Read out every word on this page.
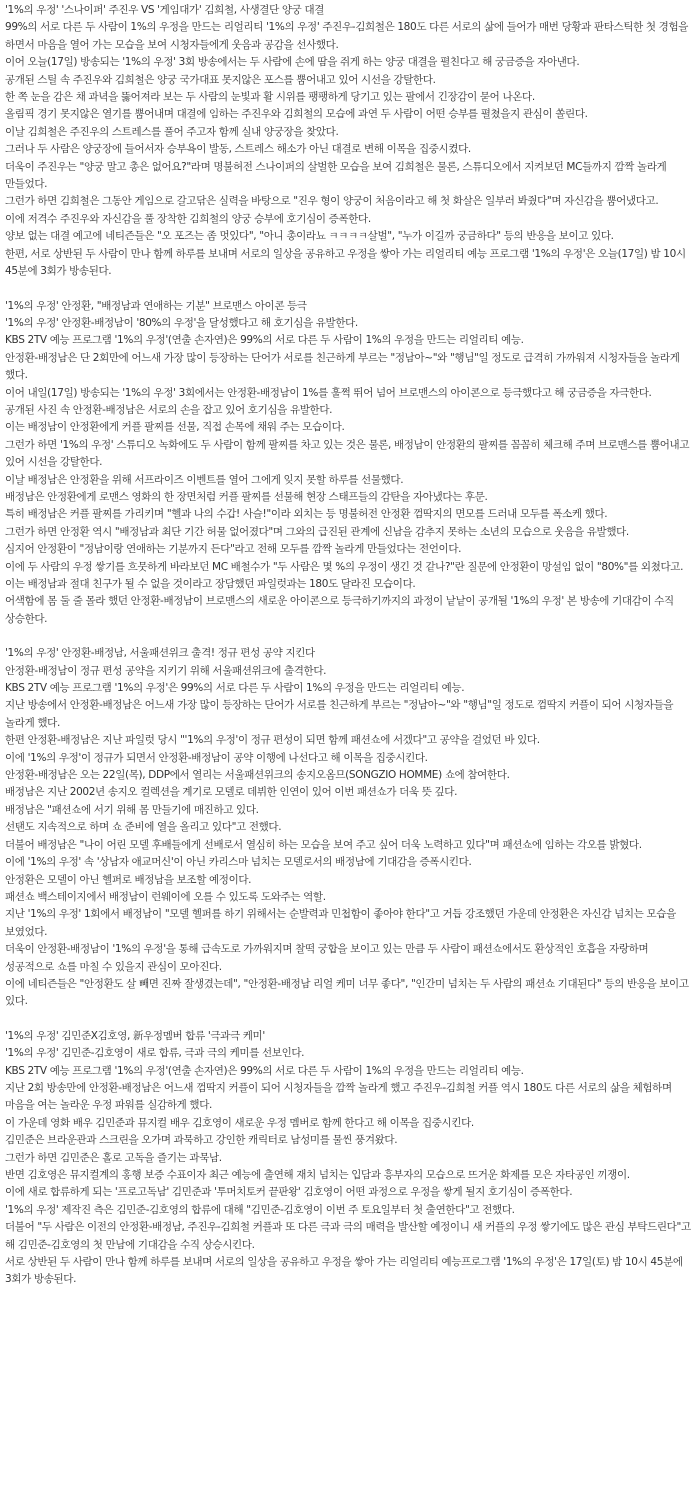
'1%의 우정' '스나이퍼' 주진우 VS '게임대가' 김희철, 사생결단 양궁 대결

99%의 서로 다른 두 사람이 1%의 우정을 만드는 리얼리티 '1%의 우정' 주진우-김희철은 180도 다른 서로의 삶에 들어가 매번 당황과 판타스틱한 첫 경험을 하면서 마음을 열어 가는 모습을 보여 시청자들에게 웃음과 공감을 선사했다.

이어 오늘(17일) 방송되는 '1%의 우정' 3회 방송에서는 두 사람에 손에 땀을 쥐게 하는 양궁 대결을 펼친다고 해 궁금증을 자아낸다.

공개된 스틸 속 주진우와 김희철은 양궁 국가대표 못지않은 포스를 뿜어내고 있어 시선을 강탈한다.

한 쪽 눈을 감은 채 과녁을 뚫어져라 보는 두 사람의 눈빛과 활 시위를 팽팽하게 당기고 있는 팔에서 긴장감이 묻어 나온다.

올림픽 경기 못지않은 열기를 뿜어내며 대결에 임하는 주진우와 김희철의 모습에 과연 두 사람이 어떤 승부를 펼쳤을지 관심이 쏠린다.

이날 김희철은 주진우의 스트레스를 풀어 주고자 함께 실내 양궁장을 찾았다.

그러나 두 사람은 양궁장에 들어서자 승부욕이 발동, 스트레스 해소가 아닌 대결로 변해 이목을 집중시켰다.

더욱이 주진우는 "양궁 말고 총은 없어요?"라며 명불허전 스나이퍼의 살벌한 모습을 보여 김희철은 물론, 스튜디오에서 지켜보던 MC들까지 깜짝 놀라게 만들었다.

그런가 하면 김희철은 그동안 게임으로 갈고닦은 실력을 바탕으로 "진우 형이 양궁이 처음이라고 해 첫 화살은 일부러 봐줬다"며 자신감을 뿜어냈다고.

이에 저격수 주진우와 자신감을 풀 장착한 김희철의 양궁 승부에 호기심이 증폭한다.

양보 없는 대결 예고에 네티즌들은 "오 포즈는 좀 멋있다", "아니 총이라뇨 ㅋㅋㅋㅋ살벌", "누가 이길까 궁금하다" 등의 반응을 보이고 있다.

한편, 서로 상반된 두 사람이 만나 함께 하루를 보내며 서로의 일상을 공유하고 우정을 쌓아 가는 리얼리티 예능 프로그램 '1%의 우정'은 오늘(17일) 밤 10시 45분에 3회가 방송된다.

'1%의 우정' 안정환, "배정남과 연애하는 기분" 브로맨스 아이콘 등극

'1%의 우정' 안정환-배정남이 '80%의 우정'을 달성했다고 해 호기심을 유발한다.

KBS 2TV 예능 프로그램 '1%의 우정'(연출 손자연)은 99%의 서로 다른 두 사람이 1%의 우정을 만드는 리얼리티 예능.

안정환-배정남은 단 2회만에 어느새 가장 많이 등장하는 단어가 서로를 친근하게 부르는 "정남아~"와 "행님"일 정도로 급격히 가까워져 시청자들을 놀라게 했다.

이어 내일(17일) 방송되는 '1%의 우정' 3회에서는 안정환-배정남이 1%를 훌쩍 뛰어 넘어 브로맨스의 아이콘으로 등극했다고 해 궁금증을 자극한다.

공개된 사진 속 안정환-배정남은 서로의 손을 잡고 있어 호기심을 유발한다.

이는 배정남이 안정환에게 커플 팔찌를 선물, 직접 손목에 채워 주는 모습이다.

그런가 하면 '1%의 우정' 스튜디오 녹화에도 두 사람이 함께 팔찌를 차고 있는 것은 물론, 배정남이 안정환의 팔찌를 꼼꼼히 체크해 주며 브로맨스를 뿜어내고 있어 시선을 강탈한다.

이날 배정남은 안정환을 위해 서프라이즈 이벤트를 열어 그에게 잊지 못할 하루를 선물했다.

배정남은 안정환에게 로맨스 영화의 한 장면처럼 커플 팔찌를 선물해 현장 스태프들의 감탄을 자아냈다는 후문.

특히 배정남은 커플 팔찌를 가리키며 "헬과 나의 수갑! 사슬!"이라 외치는 등 명불허전 안정환 껌딱지의 면모를 드러내 모두를 폭소케 했다.

그런가 하면 안정환 역시 "배정남과 최단 기간 허물 없어졌다"며 그와의 급진된 관계에 신남을 감추지 못하는 소년의 모습으로 웃음을 유발했다.

심지어 안정환이 "정남이랑 연애하는 기분까지 든다"라고 전해 모두를 깜짝 놀라게 만들었다는 전언이다.

이에 두 사람의 우정 쌓기를 흐뭇하게 바라보던 MC 배철수가 "두 사람은 몇 %의 우정이 생긴 것 같나?"란 질문에 안정환이 망설임 없이 "80%"를 외쳤다고.

이는 배정남과 절대 친구가 될 수 없을 것이라고 장담했던 파일럿과는 180도 달라진 모습이다.

어색함에 몸 둘 줄 몰라 했던 안정환-배정남이 브로맨스의 새로운 아이콘으로 등극하기까지의 과정이 낱낱이 공개될 '1%의 우정' 본 방송에 기대감이 수직 상승한다.

'1%의 우정' 안정환-배정남, 서울패션위크 출격! 정규 편성 공약 지킨다

안정환-배정남이 정규 편성 공약을 지키기 위해 서울패션위크에 출격한다.

KBS 2TV 예능 프로그램 '1%의 우정'은 99%의 서로 다른 두 사람이 1%의 우정을 만드는 리얼리티 예능.

지난 방송에서 안정환-배정남은 어느새 가장 많이 등장하는 단어가 서로를 친근하게 부르는 "정남아~"와 "행님"일 정도로 껌딱지 커플이 되어 시청자들을 놀라게 했다.

한편 안정환-배정남은 지난 파일럿 당시 "'1%의 우정'이 정규 편성이 되면 함께 패션쇼에 서겠다"고 공약을 걸었던 바 있다.

이에 '1%의 우정'이 정규가 되면서 안정환-배정남이 공약 이행에 나선다고 해 이목을 집중시킨다.

안정환-배정남은 오는 22일(목), DDP에서 열리는 서울패션위크의 송지오옴므(SONGZIO HOMME) 쇼에 참여한다.

배정남은 지난 2002년 송지오 컬렉션을 계기로 모델로 데뷔한 인연이 있어 이번 패션쇼가 더욱 뜻 깊다.

배정남은 "패션쇼에 서기 위해 몸 만들기에 매진하고 있다.

선탠도 지속적으로 하며 쇼 준비에 열을 올리고 있다"고 전했다.

더불어 배정남은 "나이 어린 모델 후배들에게 선배로서 열심히 하는 모습을 보여 주고 싶어 더욱 노력하고 있다"며 패션쇼에 임하는 각오를 밝혔다.

이에 '1%의 우정' 속 '상남자 애교머신'이 아닌 카리스마 넘치는 모델로서의 배정남에 기대감을 증폭시킨다.

안정환은 모델이 아닌 헬퍼로 배정남을 보조할 예정이다.

패션쇼 백스테이지에서 배정남이 런웨이에 오를 수 있도록 도와주는 역할.

지난 '1%의 우정' 1회에서 배정남이 "모델 헬퍼를 하기 위해서는 순발력과 민첩함이 좋아야 한다"고 거듭 강조했던 가운데 안정환은 자신감 넘치는 모습을 보였었다.

더욱이 안정환-배정남이 '1%의 우정'을 통해 급속도로 가까워지며 찰떡 궁합을 보이고 있는 만큼 두 사람이 패션쇼에서도 환상적인 호흡을 자랑하며 성공적으로 쇼를 마칠 수 있을지 관심이 모아진다.

이에 네티즌들은 "안정환도 살 빼면 진짜 잘생겼는데", "안정환-배정남 리얼 케미 너무 좋다", "인간미 넘치는 두 사람의 패션쇼 기대된다" 등의 반응을 보이고 있다.

'1%의 우정' 김민준X김호영, 新우정멤버 합류 '극과극 케미'

'1%의 우정' 김민준-김호영이 새로 합류, 극과 극의 케미를 선보인다.

KBS 2TV 예능 프로그램 '1%의 우정'(연출 손자연)은 99%의 서로 다른 두 사람이 1%의 우정을 만드는 리얼리티 예능.

지난 2회 방송만에 안정환-배정남은 어느새 껌딱지 커플이 되어 시청자들을 깜짝 놀라게 했고 주진우-김희철 커플 역시 180도 다른 서로의 삶을 체험하며 마음을 여는 놀라운 우정 파워를 실감하게 했다.

이 가운데 영화 배우 김민준과 뮤지컬 배우 김호영이 새로운 우정 멤버로 함께 한다고 해 이목을 집중시킨다.

김민준은 브라운관과 스크린을 오가며 과묵하고 강인한 캐릭터로 남성미를 물씬 풍겨왔다.

그런가 하면 김민준은 홀로 고독을 즐기는 과묵남.

반면 김호영은 뮤지컬계의 홍행 보증 수표이자 최근 예능에 출연해 재치 넘치는 입담과 흥부자의 모습으로 뜨거운 화제를 모은 자타공인 끼쟁이.

이에 새로 합류하게 되는 '프로고독남' 김민준과 '투머치토커 끝판왕' 김호영이 어떤 과정으로 우정을 쌓게 될지 호기심이 증폭한다.

'1%의 우정' 제작진 측은 김민준-김호영의 합류에 대해 "김민준-김호영이 이번 주 토요일부터 첫 출연한다"고 전했다.

더불어 "두 사람은 이전의 안정환-배정남, 주진우-김희철 커플과 또 다른 극과 극의 매력을 발산할 예정이니 새 커플의 우정 쌓기에도 많은 관심 부탁드린다"고 해 김민준-김호영의 첫 만남에 기대감을 수직 상승시킨다.

서로 상반된 두 사람이 만나 함께 하루를 보내며 서로의 일상을 공유하고 우정을 쌓아 가는 리얼리티 예능프로그램 '1%의 우정'은 17일(토) 밤 10시 45분에 3회가 방송된다.
